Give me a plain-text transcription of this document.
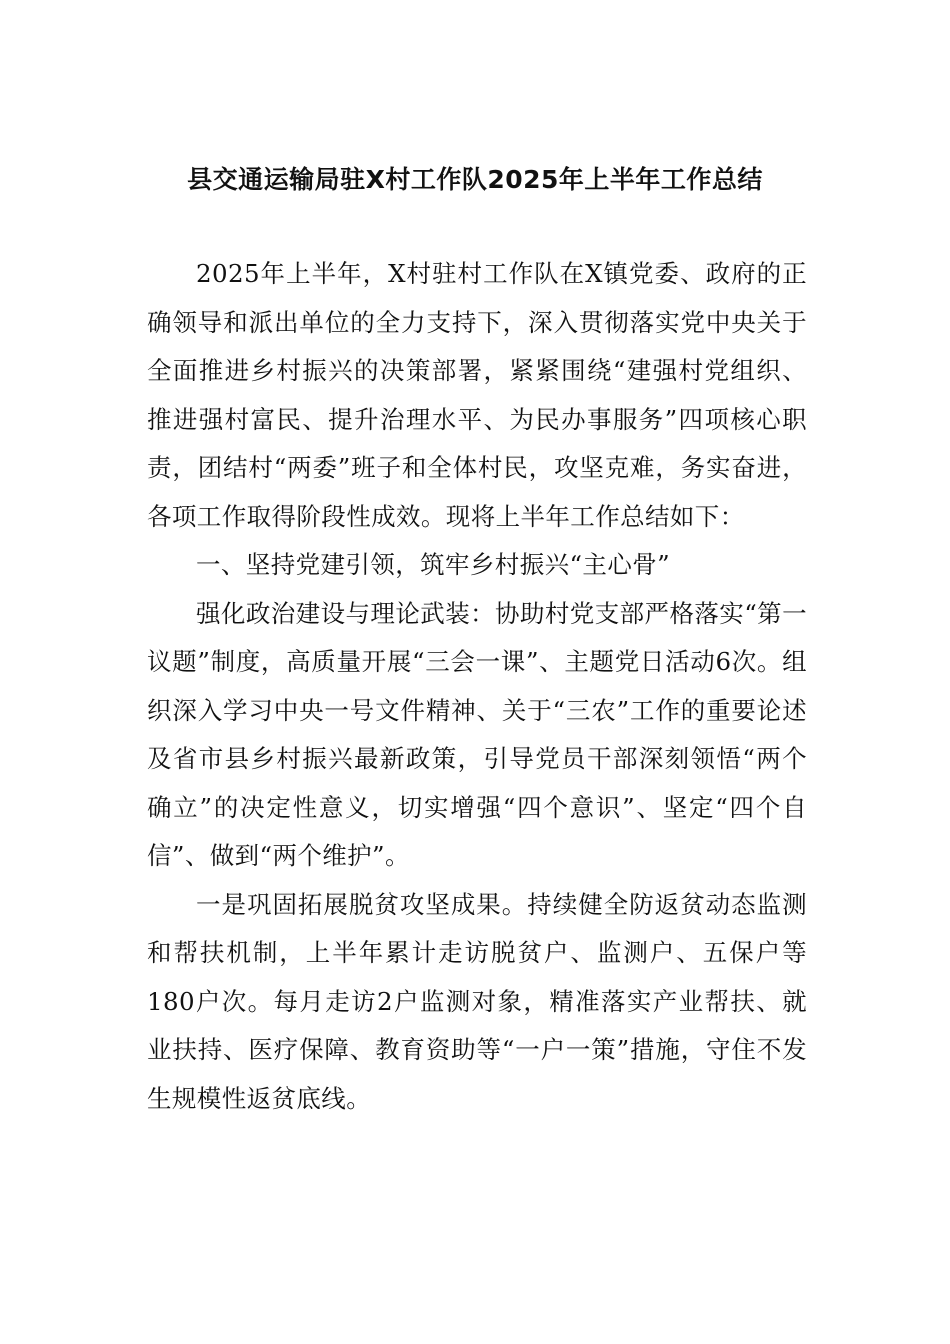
县交通运输局驻X村工作队2025年上半年工作总结

2025年上半年，X村驻村工作队在X镇党委、政府的正确领导和派出单位的全力支持下，深入贯彻落实党中央关于全面推进乡村振兴的决策部署，紧紧围绕“建强村党组织、推进强村富民、提升治理水平、为民办事服务”四项核心职责，团结村“两委”班子和全体村民，攻坚克难，务实奋进，各项工作取得阶段性成效。现将上半年工作总结如下：

一、坚持党建引领，筑牢乡村振兴“主心骨”

强化政治建设与理论武装：协助村党支部严格落实“第一议题”制度，高质量开展“三会一课”、主题党日活动6次。组织深入学习中央一号文件精神、关于“三农”工作的重要论述及省市县乡村振兴最新政策，引导党员干部深刻领悟“两个确立”的决定性意义，切实增强“四个意识”、坚定“四个自信”、做到“两个维护”。

一是巩固拓展脱贫攻坚成果。持续健全防返贫动态监测和帮扶机制，上半年累计走访脱贫户、监测户、五保户等180户次。每月走访2户监测对象，精准落实产业帮扶、就业扶持、医疗保障、教育资助等“一户一策”措施，守住不发生规模性返贫底线。
